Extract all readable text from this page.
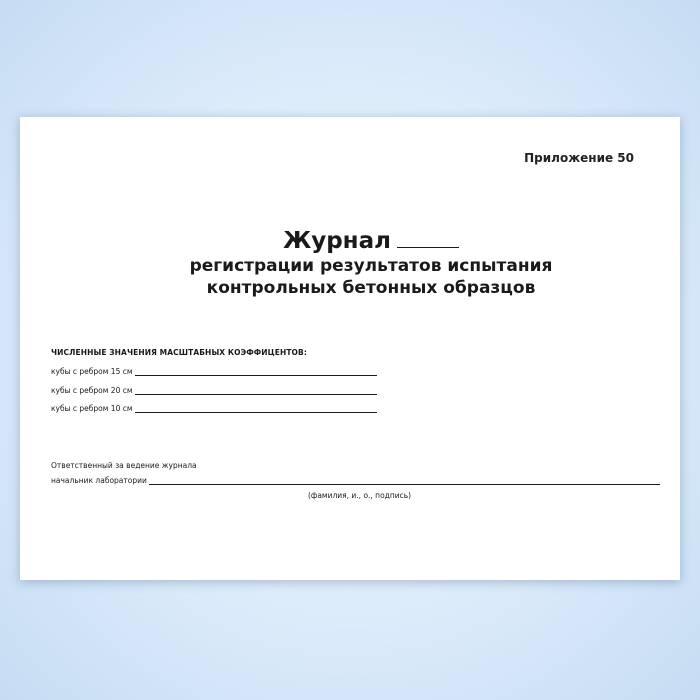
Приложение 50
Журнал
регистрации результатов испытания
контрольных бетонных образцов
ЧИСЛЕННЫЕ ЗНАЧЕНИЯ МАСШТАБНЫХ КОЭФФИЦЕНТОВ:
кубы с ребром 15 см
кубы с ребром 20 см
кубы с ребром 10 см
Ответственный за ведение журнала
начальник лаборатории
(фамилия, и., о., подпись)
